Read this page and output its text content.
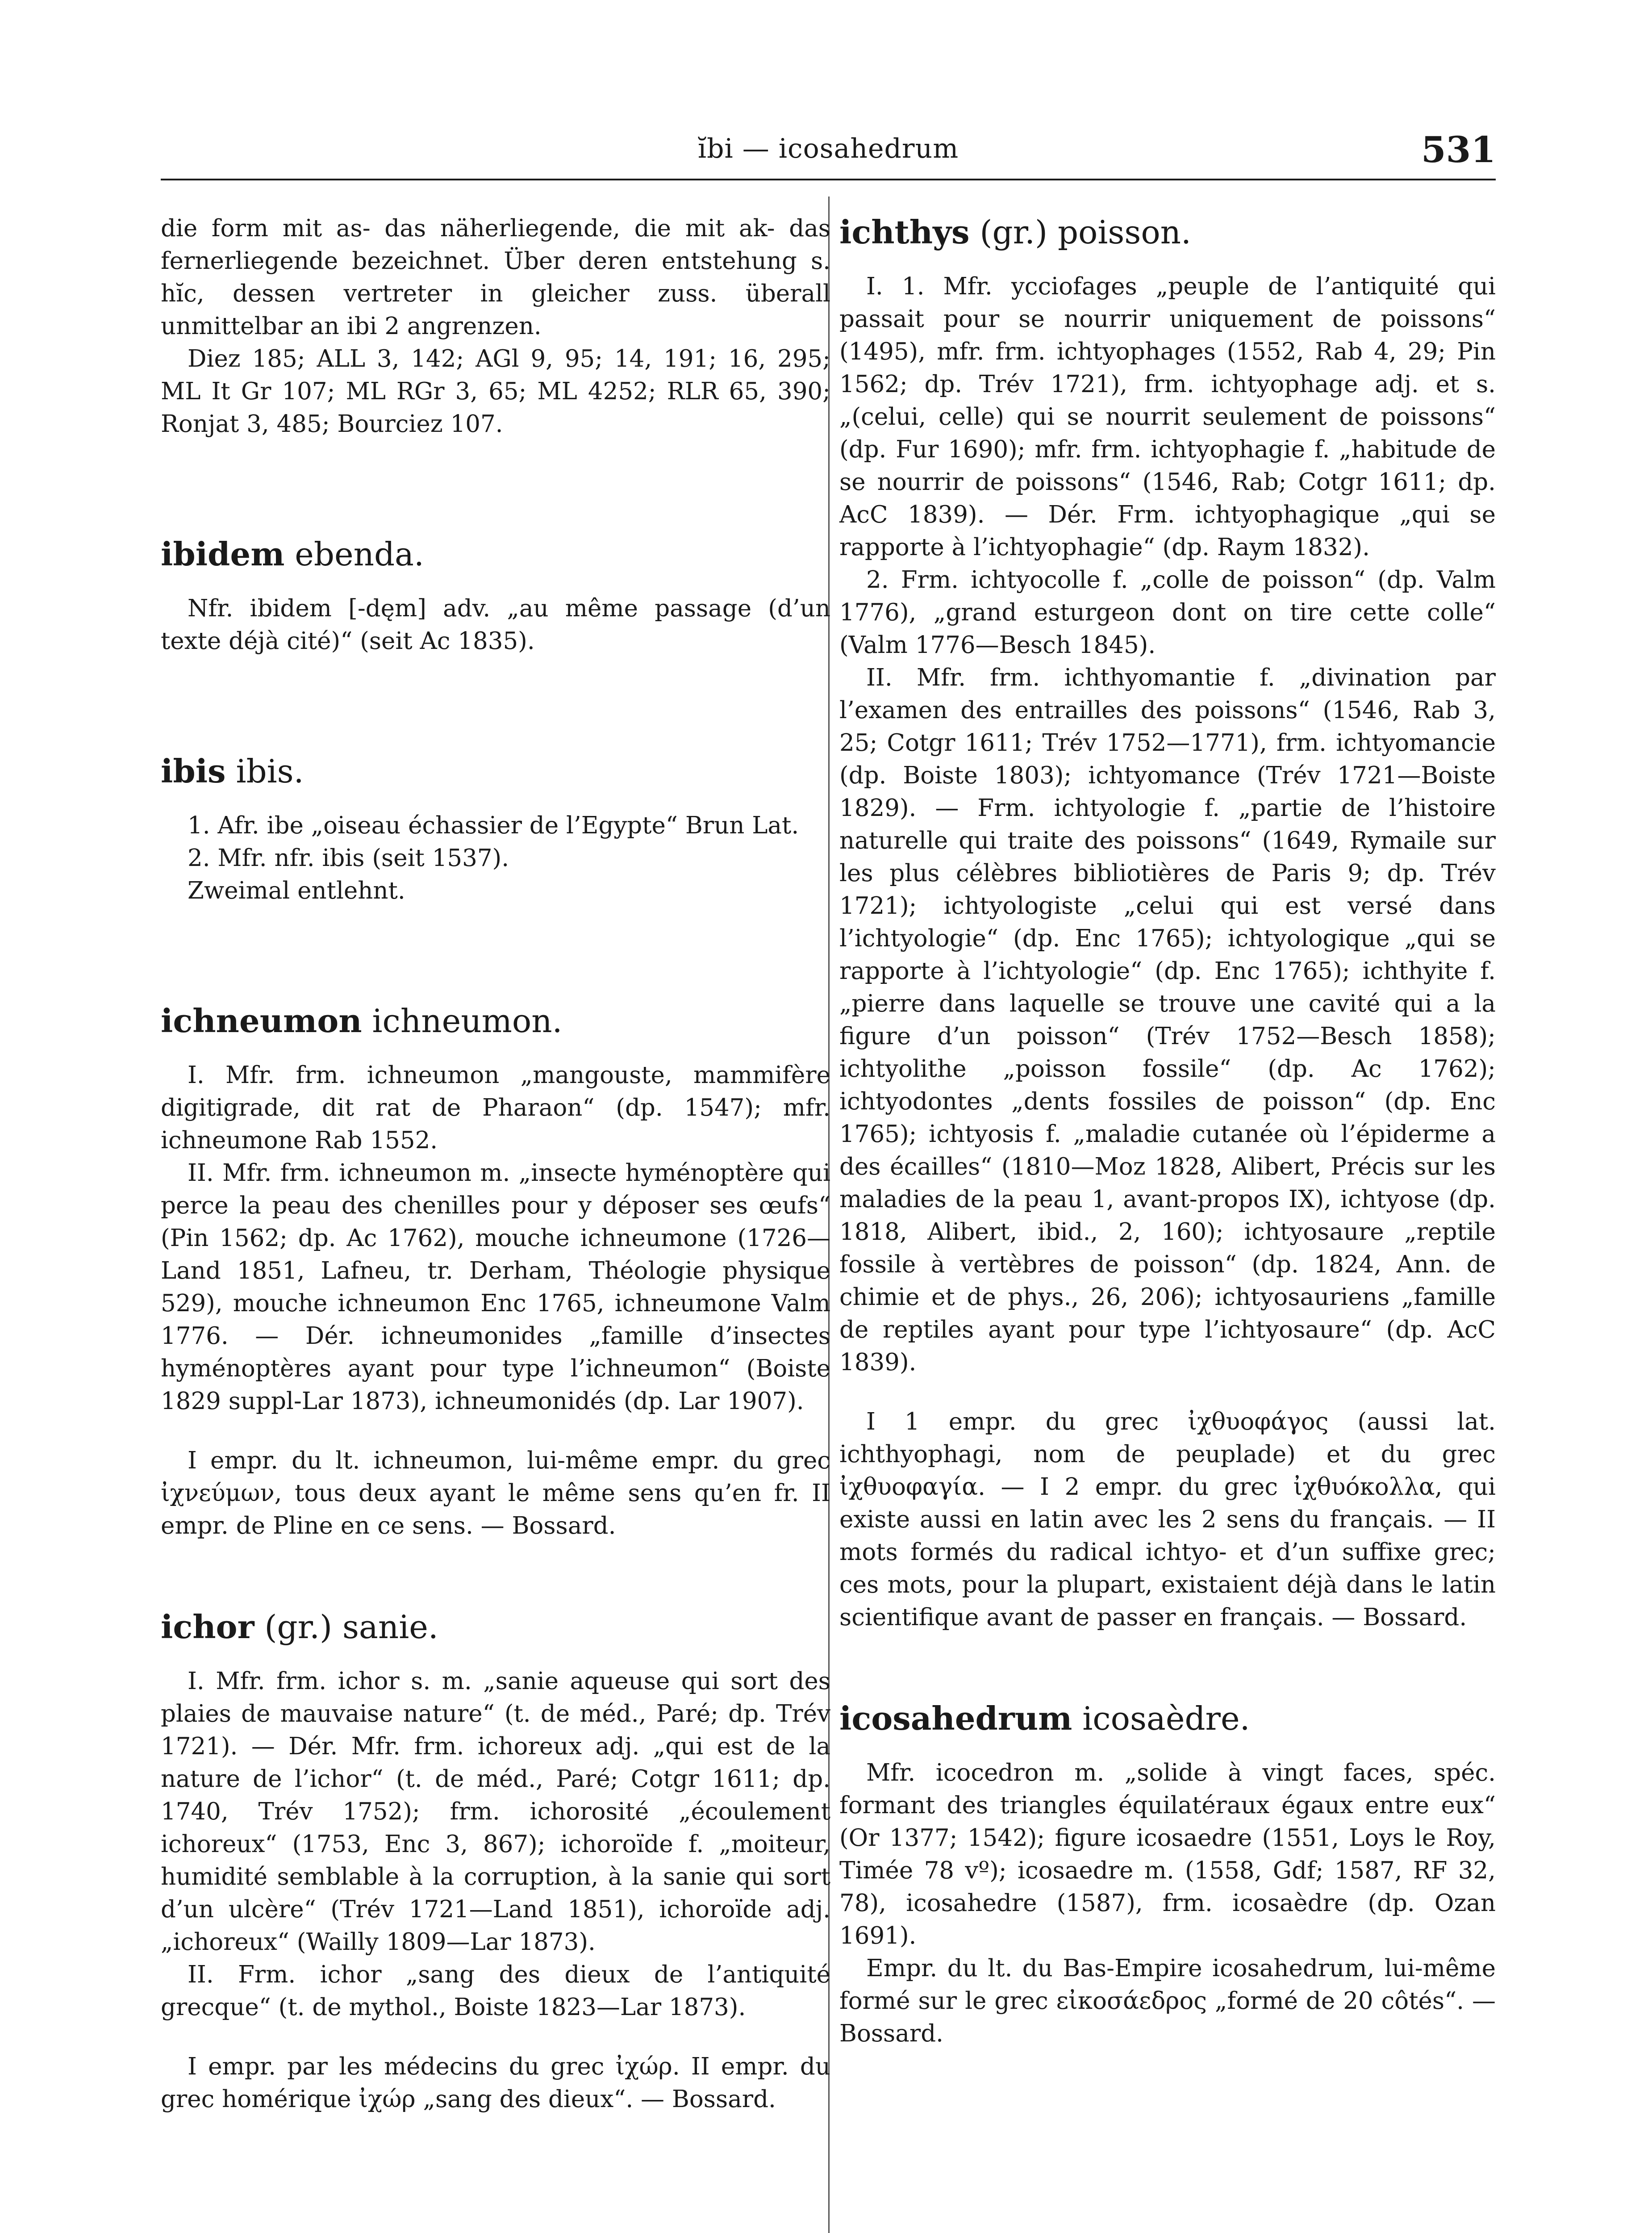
ĭbi — icosahedrum	531

die form mit as- das näherliegende, die mit ak- das fernerliegende bezeichnet. Über deren entstehung s. hĭc, dessen vertreter in gleicher zuss. überall unmittelbar an ibi 2 angrenzen.

Diez 185; ALL 3, 142; AGl 9, 95; 14, 191; 16, 295; ML It Gr 107; ML RGr 3, 65; ML 4252; RLR 65, 390; Ronjat 3, 485; Bourciez 107.

ibidem ebenda.

Nfr. ibidem [-dęm] adv. „au même passage (d’un texte déjà cité)“ (seit Ac 1835).

ibis ibis.

1. Afr. ibe „oiseau échassier de l’Egypte“ Brun Lat.

2. Mfr. nfr. ibis (seit 1537).

Zweimal entlehnt.

ichneumon ichneumon.

I. Mfr. frm. ichneumon „mangouste, mammifère digitigrade, dit rat de Pharaon“ (dp. 1547); mfr. ichneumone Rab 1552.

II. Mfr. frm. ichneumon m. „insecte hyménoptère qui perce la peau des chenilles pour y déposer ses œufs“ (Pin 1562; dp. Ac 1762), mouche ichneumone (1726—Land 1851, Lafneu, tr. Derham, Théologie physique 529), mouche ichneumon Enc 1765, ichneumone Valm 1776. — Dér. ichneumonides „famille d’insectes hyménoptères ayant pour type l’ichneumon“ (Boiste 1829 suppl-Lar 1873), ichneumonidés (dp. Lar 1907).

I empr. du lt. ichneumon, lui-même empr. du grec ἰχνεύμων, tous deux ayant le même sens qu’en fr. II empr. de Pline en ce sens. — Bossard.

ichor (gr.) sanie.

I. Mfr. frm. ichor s. m. „sanie aqueuse qui sort des plaies de mauvaise nature“ (t. de méd., Paré; dp. Trév 1721). — Dér. Mfr. frm. ichoreux adj. „qui est de la nature de l’ichor“ (t. de méd., Paré; Cotgr 1611; dp. 1740, Trév 1752); frm. ichorosité „écoulement ichoreux“ (1753, Enc 3, 867); ichoroïde f. „moiteur, humidité semblable à la corruption, à la sanie qui sort d’un ulcère“ (Trév 1721—Land 1851), ichoroïde adj. „ichoreux“ (Wailly 1809—Lar 1873).

II. Frm. ichor „sang des dieux de l’antiquité grecque“ (t. de mythol., Boiste 1823—Lar 1873).

I empr. par les médecins du grec ἰχώρ. II empr. du grec homérique ἰχώρ „sang des dieux“. — Bossard.

ichthys (gr.) poisson.

I. 1. Mfr. ycciofages „peuple de l’antiquité qui passait pour se nourrir uniquement de poissons“ (1495), mfr. frm. ichtyophages (1552, Rab 4, 29; Pin 1562; dp. Trév 1721), frm. ichtyophage adj. et s. „(celui, celle) qui se nourrit seulement de poissons“ (dp. Fur 1690); mfr. frm. ichtyophagie f. „habitude de se nourrir de poissons“ (1546, Rab; Cotgr 1611; dp. AcC 1839). — Dér. Frm. ichtyophagique „qui se rapporte à l’ichtyophagie“ (dp. Raym 1832).

2. Frm. ichtyocolle f. „colle de poisson“ (dp. Valm 1776), „grand esturgeon dont on tire cette colle“ (Valm 1776—Besch 1845).

II. Mfr. frm. ichthyomantie f. „divination par l’examen des entrailles des poissons“ (1546, Rab 3, 25; Cotgr 1611; Trév 1752—1771), frm. ichtyomancie (dp. Boiste 1803); ichtyomance (Trév 1721—Boiste 1829). — Frm. ichtyologie f. „partie de l’histoire naturelle qui traite des poissons“ (1649, Rymaile sur les plus célèbres bibliotières de Paris 9; dp. Trév 1721); ichtyologiste „celui qui est versé dans l’ichtyologie“ (dp. Enc 1765); ichtyologique „qui se rapporte à l’ichtyologie“ (dp. Enc 1765); ichthyite f. „pierre dans laquelle se trouve une cavité qui a la figure d’un poisson“ (Trév 1752—Besch 1858); ichtyolithe „poisson fossile“ (dp. Ac 1762); ichtyodontes „dents fossiles de poisson“ (dp. Enc 1765); ichtyosis f. „maladie cutanée où l’épiderme a des écailles“ (1810—Moz 1828, Alibert, Précis sur les maladies de la peau 1, avant-propos IX), ichtyose (dp. 1818, Alibert, ibid., 2, 160); ichtyosaure „reptile fossile à vertèbres de poisson“ (dp. 1824, Ann. de chimie et de phys., 26, 206); ichtyosauriens „famille de reptiles ayant pour type l’ichtyosaure“ (dp. AcC 1839).

I 1 empr. du grec ἰχθυοφάγος (aussi lat. ichthyophagi, nom de peuplade) et du grec ἰχθυοφαγία. — I 2 empr. du grec ἰχθυόκολλα, qui existe aussi en latin avec les 2 sens du français. — II mots formés du radical ichtyo- et d’un suffixe grec; ces mots, pour la plupart, existaient déjà dans le latin scientifique avant de passer en français. — Bossard.

icosahedrum icosaèdre.

Mfr. icocedron m. „solide à vingt faces, spéc. formant des triangles équilatéraux égaux entre eux“ (Or 1377; 1542); figure icosaedre (1551, Loys le Roy, Timée 78 vº); icosaedre m. (1558, Gdf; 1587, RF 32, 78), icosahedre (1587), frm. icosaèdre (dp. Ozan 1691).

Empr. du lt. du Bas-Empire icosahedrum, lui-même formé sur le grec εἰκοσάεδρος „formé de 20 côtés“. — Bossard.
